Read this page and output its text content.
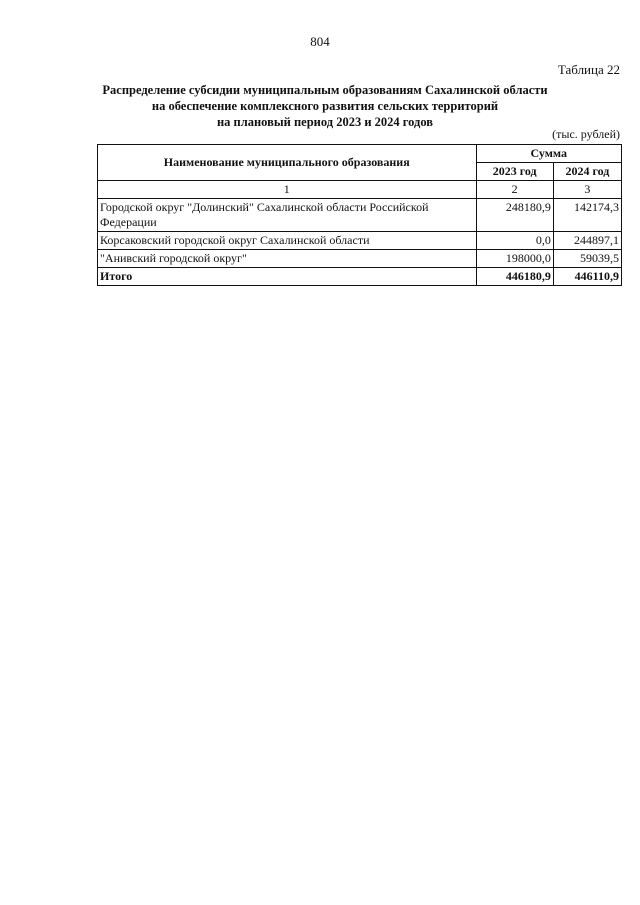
804
Таблица 22
Распределение субсидии муниципальным образованиям Сахалинской области
на обеспечение комплексного развития сельских территорий
на плановый период 2023 и 2024 годов
(тыс. рублей)
Наименование муниципального образования	Сумма	
	2023 год	2024 год
1	2	3
Городской округ "Долинский" Сахалинской области Российской Федерации	248180,9	142174,3
Корсаковский городской округ Сахалинской области	0,0	244897,1
"Анивский городской округ"	198000,0	59039,5
Итого	446180,9	446110,9
